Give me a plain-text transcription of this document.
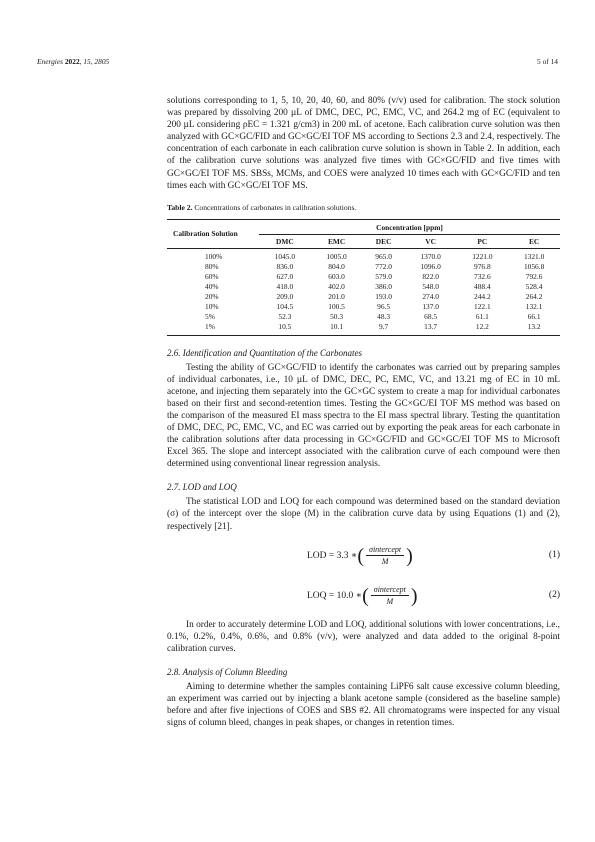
Energies 2022, 15, 2805	5 of 14

solutions corresponding to 1, 5, 10, 20, 40, 60, and 80% (v/v) used for calibration. The stock solution was prepared by dissolving 200 µL of DMC, DEC, PC, EMC, VC, and 264.2 mg of EC (equivalent to 200 µL considering ρEC = 1.321 g/cm3) in 200 mL of acetone. Each calibration curve solution was then analyzed with GC×GC/FID and GC×GC/EI TOF MS according to Sections 2.3 and 2.4, respectively. The concentration of each carbonate in each calibration curve solution is shown in Table 2. In addition, each of the calibration curve solutions was analyzed five times with GC×GC/FID and five times with GC×GC/EI TOF MS. SBSs, MCMs, and COES were analyzed 10 times each with GC×GC/FID and ten times each with GC×GC/EI TOF MS.

Table 2. Concentrations of carbonates in calibration solutions.
Calibration Solution	Concentration [ppm]					
	DMC	EMC	DEC	VC	PC	EC
100%	1045.0	1005.0	965.0	1370.0	1221.0	1321.0
80%	836.0	804.0	772.0	1096.0	976.8	1056.8
60%	627.0	603.0	579.0	822.0	732.6	792.6
40%	418.0	402.0	386.0	548.0	488.4	528.4
20%	209.0	201.0	193.0	274.0	244.2	264.2
10%	104.5	100.5	96.5	137.0	122.1	132.1
5%	52.3	50.3	48.3	68.5	61.1	66.1
1%	10.5	10.1	9.7	13.7	12.2	13.2
2.6. Identification and Quantitation of the Carbonates

Testing the ability of GC×GC/FID to identify the carbonates was carried out by preparing samples of individual carbonates, i.e., 10 µL of DMC, DEC, PC, EMC, VC, and 13.21 mg of EC in 10 mL acetone, and injecting them separately into the GC×GC system to create a map for individual carbonates based on their first and second-retention times. Testing the GC×GC/EI TOF MS method was based on the comparison of the measured EI mass spectra to the EI mass spectral library. Testing the quantitation of DMC, DEC, PC, EMC, VC, and EC was carried out by exporting the peak areas for each carbonate in the calibration solutions after data processing in GC×GC/FID and GC×GC/EI TOF MS to Microsoft Excel 365. The slope and intercept associated with the calibration curve of each compound were then determined using conventional linear regression analysis.

2.7. LOD and LOQ

The statistical LOD and LOQ for each compound was determined based on the standard deviation (σ) of the intercept over the slope (M) in the calibration curve data by using Equations (1) and (2), respectively [21].

LOD = 3.3 ∗ ( $\frac{\text{σintercept}}{M}$ )	(1)
LOQ = 10.0 ∗ ( $\frac{\text{σintercept}}{M}$ )	(2)

In order to accurately determine LOD and LOQ, additional solutions with lower concentrations, i.e., 0.1%, 0.2%, 0.4%, 0.6%, and 0.8% (v/v), were analyzed and data added to the original 8-point calibration curves.

2.8. Analysis of Column Bleeding

Aiming to determine whether the samples containing LiPF6 salt cause excessive column bleeding, an experiment was carried out by injecting a blank acetone sample (considered as the baseline sample) before and after five injections of COES and SBS #2. All chromatograms were inspected for any visual signs of column bleed, changes in peak shapes, or changes in retention times.
